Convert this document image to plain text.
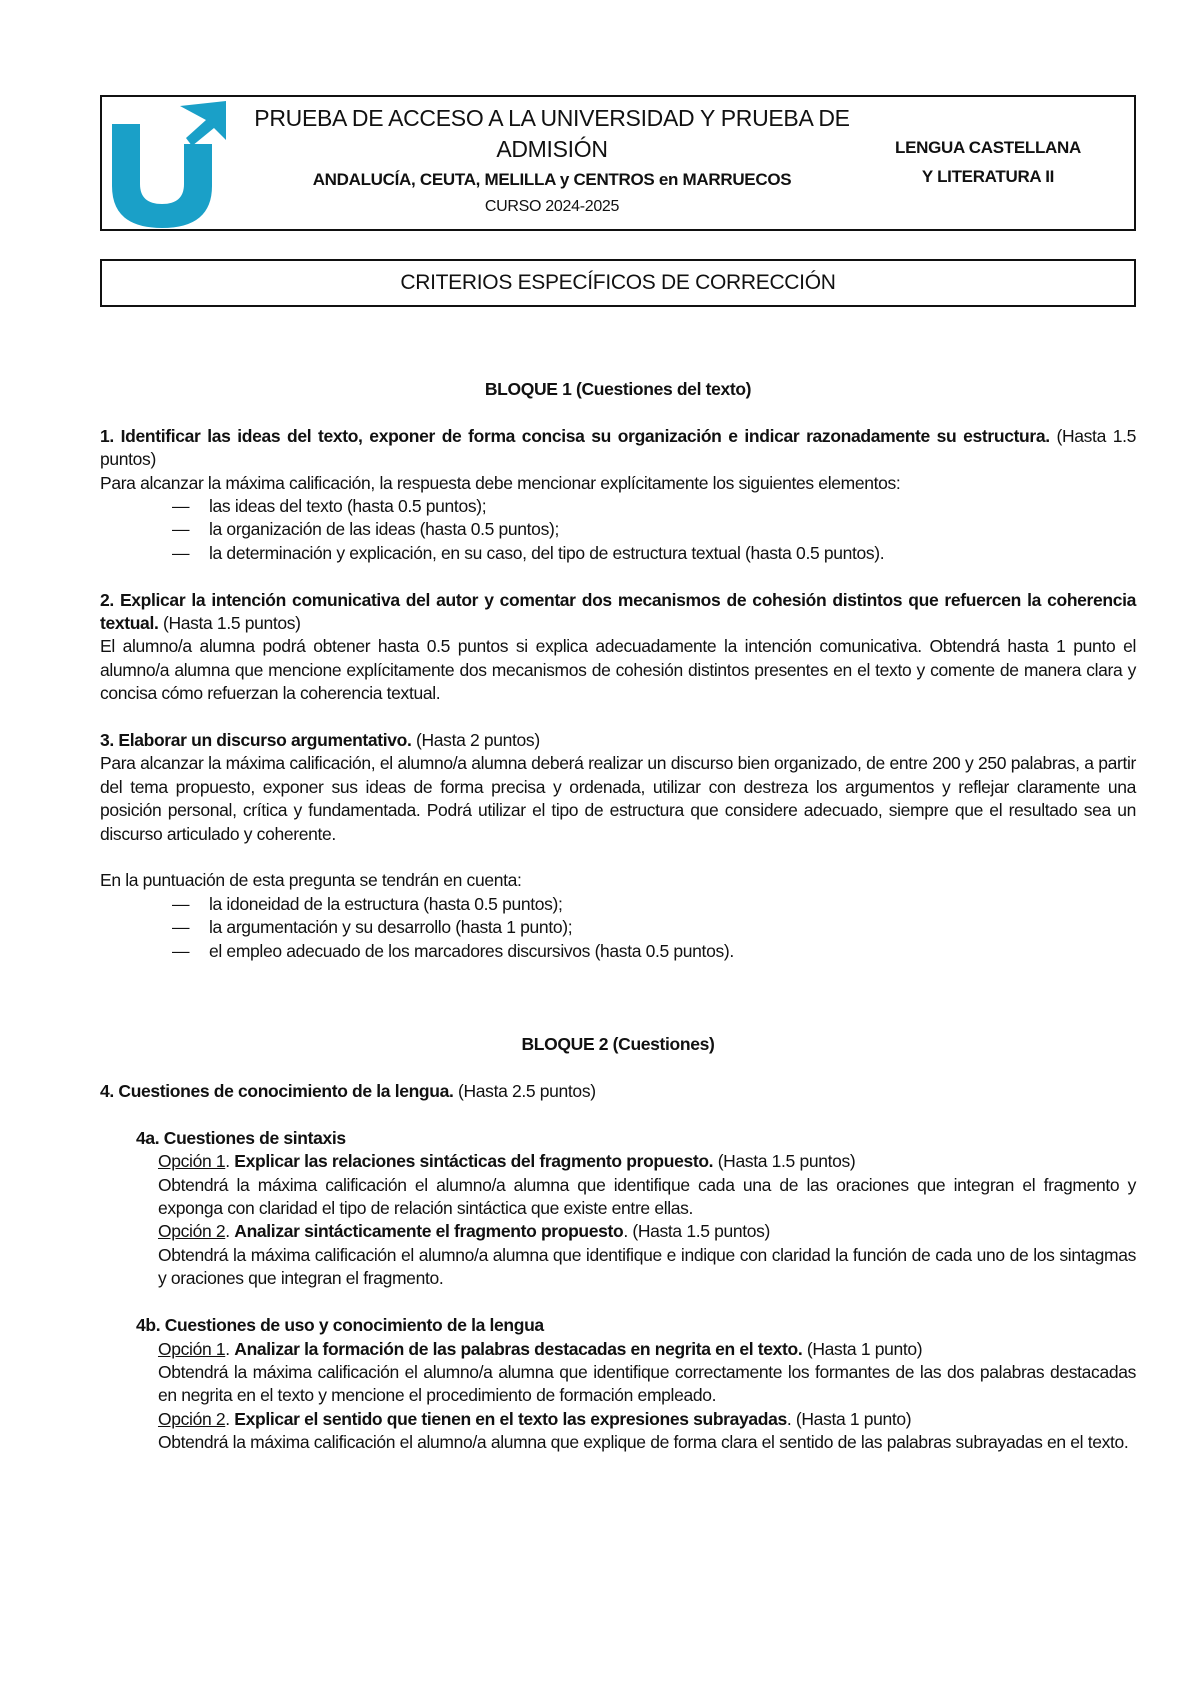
PRUEBA DE ACCESO A LA UNIVERSIDAD Y PRUEBA DE ADMISIÓN
ANDALUCÍA, CEUTA, MELILLA y CENTROS en MARRUECOS
CURSO 2024-2025
LENGUA CASTELLANA
Y LITERATURA II
CRITERIOS ESPECÍFICOS DE CORRECCIÓN

BLOQUE 1 (Cuestiones del texto)

1. Identificar las ideas del texto, exponer de forma concisa su organización e indicar razonadamente su estructura. (Hasta 1.5 puntos)

Para alcanzar la máxima calificación, la respuesta debe mencionar explícitamente los siguientes elementos:

— las ideas del texto (hasta 0.5 puntos);
— la organización de las ideas (hasta 0.5 puntos);
— la determinación y explicación, en su caso, del tipo de estructura textual (hasta 0.5 puntos).

2. Explicar la intención comunicativa del autor y comentar dos mecanismos de cohesión distintos que refuercen la coherencia textual. (Hasta 1.5 puntos)

El alumno/a alumna podrá obtener hasta 0.5 puntos si explica adecuadamente la intención comunicativa. Obtendrá hasta 1 punto el alumno/a alumna que mencione explícitamente dos mecanismos de cohesión distintos presentes en el texto y comente de manera clara y concisa cómo refuerzan la coherencia textual.

3. Elaborar un discurso argumentativo. (Hasta 2 puntos)

Para alcanzar la máxima calificación, el alumno/a alumna deberá realizar un discurso bien organizado, de entre 200 y 250 palabras, a partir del tema propuesto, exponer sus ideas de forma precisa y ordenada, utilizar con destreza los argumentos y reflejar claramente una posición personal, crítica y fundamentada. Podrá utilizar el tipo de estructura que considere adecuado, siempre que el resultado sea un discurso articulado y coherente.

En la puntuación de esta pregunta se tendrán en cuenta:

— la idoneidad de la estructura (hasta 0.5 puntos);
— la argumentación y su desarrollo (hasta 1 punto);
— el empleo adecuado de los marcadores discursivos (hasta 0.5 puntos).

BLOQUE 2 (Cuestiones)

4. Cuestiones de conocimiento de la lengua. (Hasta 2.5 puntos)

4a. Cuestiones de sintaxis

Opción 1. Explicar las relaciones sintácticas del fragmento propuesto. (Hasta 1.5 puntos)

Obtendrá la máxima calificación el alumno/a alumna que identifique cada una de las oraciones que integran el fragmento y exponga con claridad el tipo de relación sintáctica que existe entre ellas.

Opción 2. Analizar sintácticamente el fragmento propuesto. (Hasta 1.5 puntos)

Obtendrá la máxima calificación el alumno/a alumna que identifique e indique con claridad la función de cada uno de los sintagmas y oraciones que integran el fragmento.

4b. Cuestiones de uso y conocimiento de la lengua

Opción 1. Analizar la formación de las palabras destacadas en negrita en el texto. (Hasta 1 punto)

Obtendrá la máxima calificación el alumno/a alumna que identifique correctamente los formantes de las dos palabras destacadas en negrita en el texto y mencione el procedimiento de formación empleado.

Opción 2. Explicar el sentido que tienen en el texto las expresiones subrayadas. (Hasta 1 punto)

Obtendrá la máxima calificación el alumno/a alumna que explique de forma clara el sentido de las palabras subrayadas en el texto.
